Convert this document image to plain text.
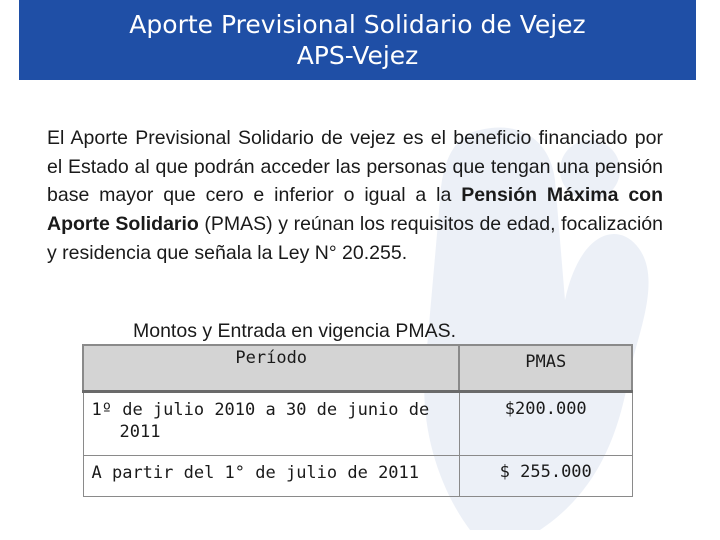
Aporte Previsional Solidario de Vejez
APS-Vejez
El Aporte Previsional Solidario de vejez es el beneficio financiado por el Estado al que podrán acceder las personas que tengan una pensión base mayor que cero e inferior o igual a la Pensión Máxima con Aporte Solidario (PMAS) y reúnan los requisitos de edad, focalización y residencia que señala la Ley N° 20.255.
Montos y Entrada en vigencia PMAS.
Período	PMAS
1º de julio 2010 a 30 de junio de
2011	$200.000
A partir del 1° de julio de 2011	$ 255.000
